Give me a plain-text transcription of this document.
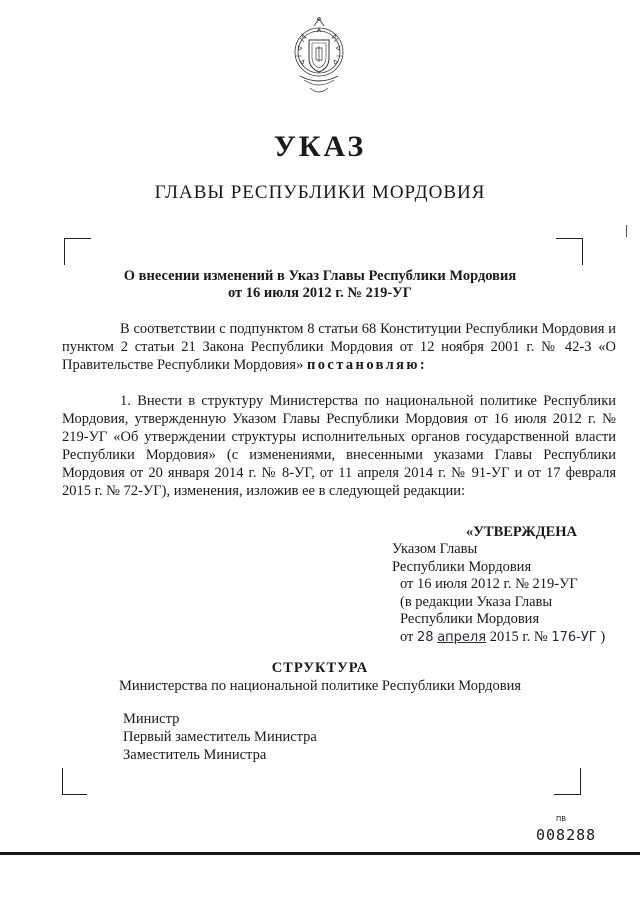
УКАЗ
ГЛАВЫ РЕСПУБЛИКИ МОРДОВИЯ
О внесении изменений в Указ Главы Республики Мордовия
от 16 июля 2012 г. № 219-УГ
В соответствии с подпунктом 8 статьи 68 Конституции Республики Мордовия и пунктом 2 статьи 21 Закона Республики Мордовия от 12 ноября 2001 г. № 42-З «О Правительстве Республики Мордовия» постановляю:
1. Внести в структуру Министерства по национальной политике Республики Мордовия, утвержденную Указом Главы Республики Мордовия от 16 июля 2012 г. № 219-УГ «Об утверждении структуры исполнительных органов государственной власти Республики Мордовия» (с изменениями, внесенными указами Главы Республики Мордовия от 20 января 2014 г. № 8-УГ, от 11 апреля 2014 г. № 91-УГ и от 17 февраля 2015 г. № 72-УГ), изменения, изложив ее в следующей редакции:
«УТВЕРЖДЕНА
Указом Главы
Республики Мордовия
от 16 июля 2012 г. № 219-УГ
(в редакции Указа Главы
Республики Мордовия
от 28 апреля 2015 г. № 176-УГ )
СТРУКТУРА
Министерства по национальной политике Республики Мордовия
Министр
Первый заместитель Министра
Заместитель Министра
ПВ
008288
